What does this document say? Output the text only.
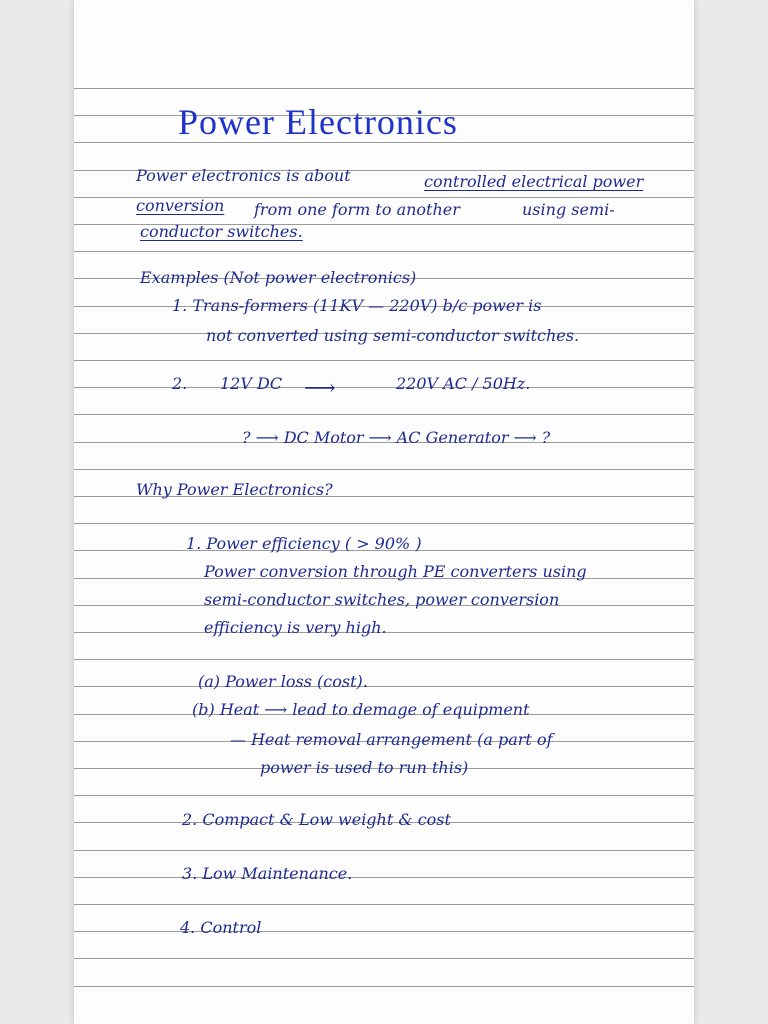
Power Electronics
Power electronics is about	controlled electrical power
conversion from one form to another	using semi-
conductor switches.
Examples (Not power electronics)
1. Trans-formers (11KV — 220V) b/c power is
not converted using semi-conductor switches.
2. 12V DC ⟶	220V AC / 50Hz.
? ⟶ DC Motor ⟶ AC Generator ⟶ ?
Why Power Electronics?
1. Power efficiency ( > 90% )
Power conversion through PE converters using
semi-conductor switches, power conversion
efficiency is very high.
(a) Power loss (cost).
(b) Heat ⟶ lead to demage of equipment
— Heat removal arrangement (a part of
power is used to run this)
2. Compact & Low weight & cost
3. Low Maintenance.
4. Control
